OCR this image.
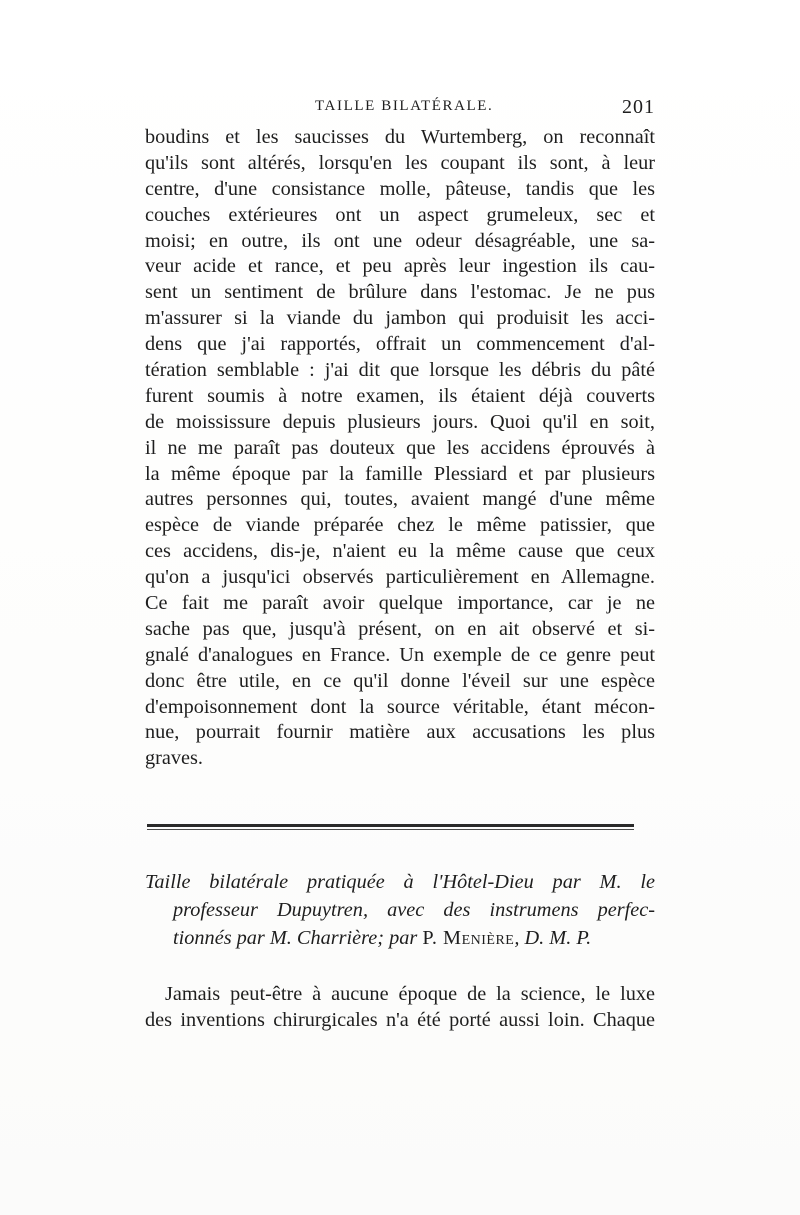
TAILLE BILATÉRALE.	201
boudins et les saucisses du Wurtemberg, on reconnaît
qu'ils sont altérés, lorsqu'en les coupant ils sont, à leur
centre, d'une consistance molle, pâteuse, tandis que les
couches extérieures ont un aspect grumeleux, sec et
moisi; en outre, ils ont une odeur désagréable, une sa-
veur acide et rance, et peu après leur ingestion ils cau-
sent un sentiment de brûlure dans l'estomac. Je ne pus
m'assurer si la viande du jambon qui produisit les acci-
dens que j'ai rapportés, offrait un commencement d'al-
tération semblable : j'ai dit que lorsque les débris du pâté
furent soumis à notre examen, ils étaient déjà couverts
de moississure depuis plusieurs jours. Quoi qu'il en soit,
il ne me paraît pas douteux que les accidens éprouvés à
la même époque par la famille Plessiard et par plusieurs
autres personnes qui, toutes, avaient mangé d'une même
espèce de viande préparée chez le même patissier, que
ces accidens, dis-je, n'aient eu la même cause que ceux
qu'on a jusqu'ici observés particulièrement en Allemagne.
Ce fait me paraît avoir quelque importance, car je ne
sache pas que, jusqu'à présent, on en ait observé et si-
gnalé d'analogues en France. Un exemple de ce genre peut
donc être utile, en ce qu'il donne l'éveil sur une espèce
d'empoisonnement dont la source véritable, étant mécon-
nue, pourrait fournir matière aux accusations les plus
graves.
Taille bilatérale pratiquée à l'Hôtel-Dieu par M. le
professeur Dupuytren, avec des instrumens perfec-
tionnés par M. Charrière; par P. Menière, D. M. P.
Jamais peut-être à aucune époque de la science, le luxe
des inventions chirurgicales n'a été porté aussi loin. Chaque
